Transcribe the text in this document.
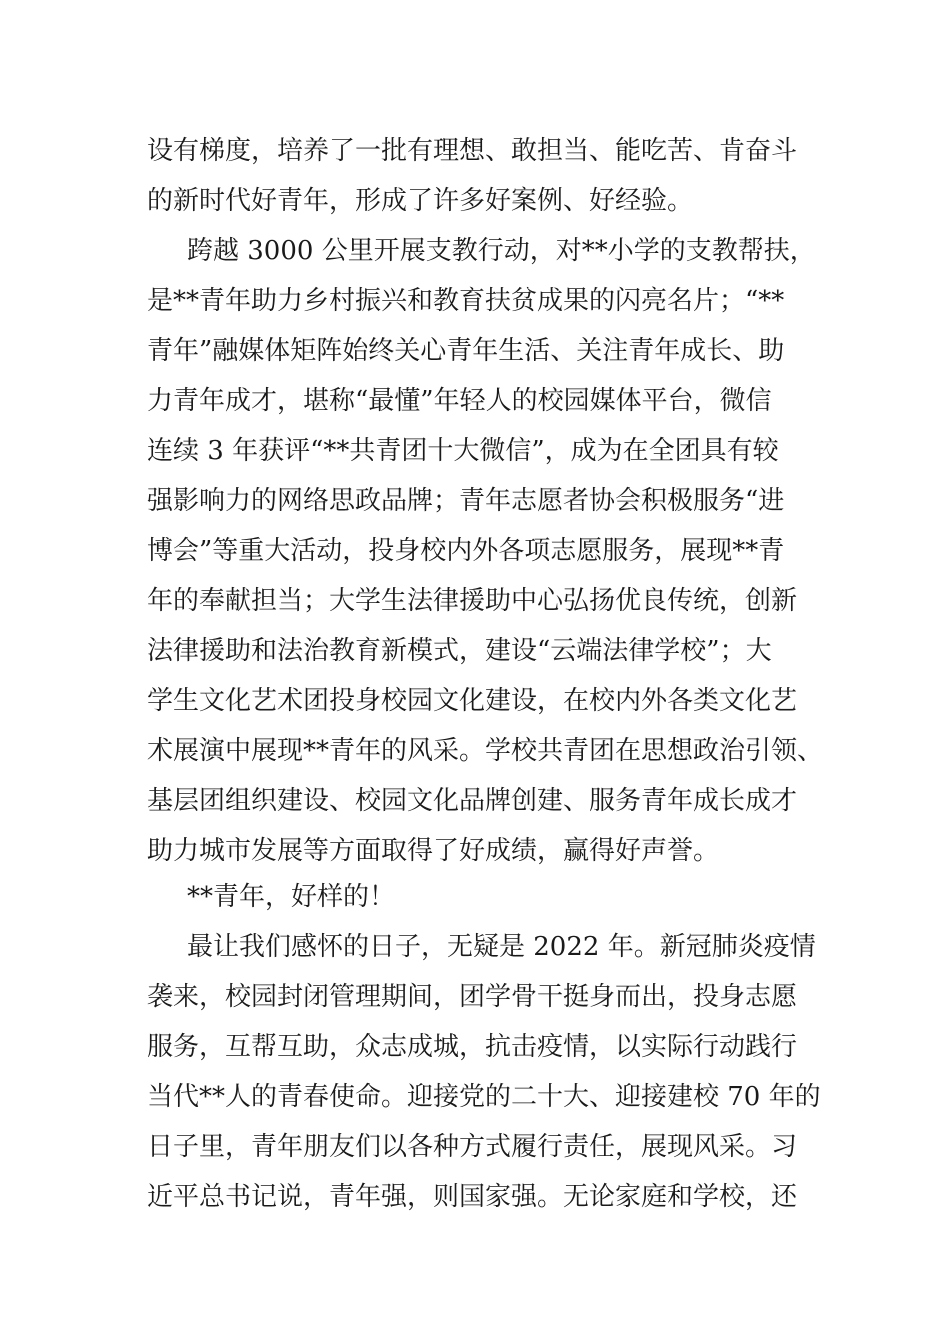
设有梯度，培养了一批有理想、敢担当、能吃苦、肯奋斗
的新时代好青年，形成了许多好案例、好经验。
跨越 3000 公里开展支教行动，对**小学的支教帮扶，
是**青年助力乡村振兴和教育扶贫成果的闪亮名片；“**
青年”融媒体矩阵始终关心青年生活、关注青年成长、助
力青年成才，堪称“最懂”年轻人的校园媒体平台，微信
连续 3 年获评“**共青团十大微信”，成为在全团具有较
强影响力的网络思政品牌；青年志愿者协会积极服务“进
博会”等重大活动，投身校内外各项志愿服务，展现**青
年的奉献担当；大学生法律援助中心弘扬优良传统，创新
法律援助和法治教育新模式，建设“云端法律学校”；大
学生文化艺术团投身校园文化建设，在校内外各类文化艺
术展演中展现**青年的风采。学校共青团在思想政治引领、
基层团组织建设、校园文化品牌创建、服务青年成长成才
助力城市发展等方面取得了好成绩，赢得好声誉。
**青年，好样的！
最让我们感怀的日子，无疑是 2022 年。新冠肺炎疫情
袭来，校园封闭管理期间，团学骨干挺身而出，投身志愿
服务，互帮互助，众志成城，抗击疫情，以实际行动践行
当代**人的青春使命。迎接党的二十大、迎接建校 70 年的
日子里，青年朋友们以各种方式履行责任，展现风采。习
近平总书记说，青年强，则国家强。无论家庭和学校，还
